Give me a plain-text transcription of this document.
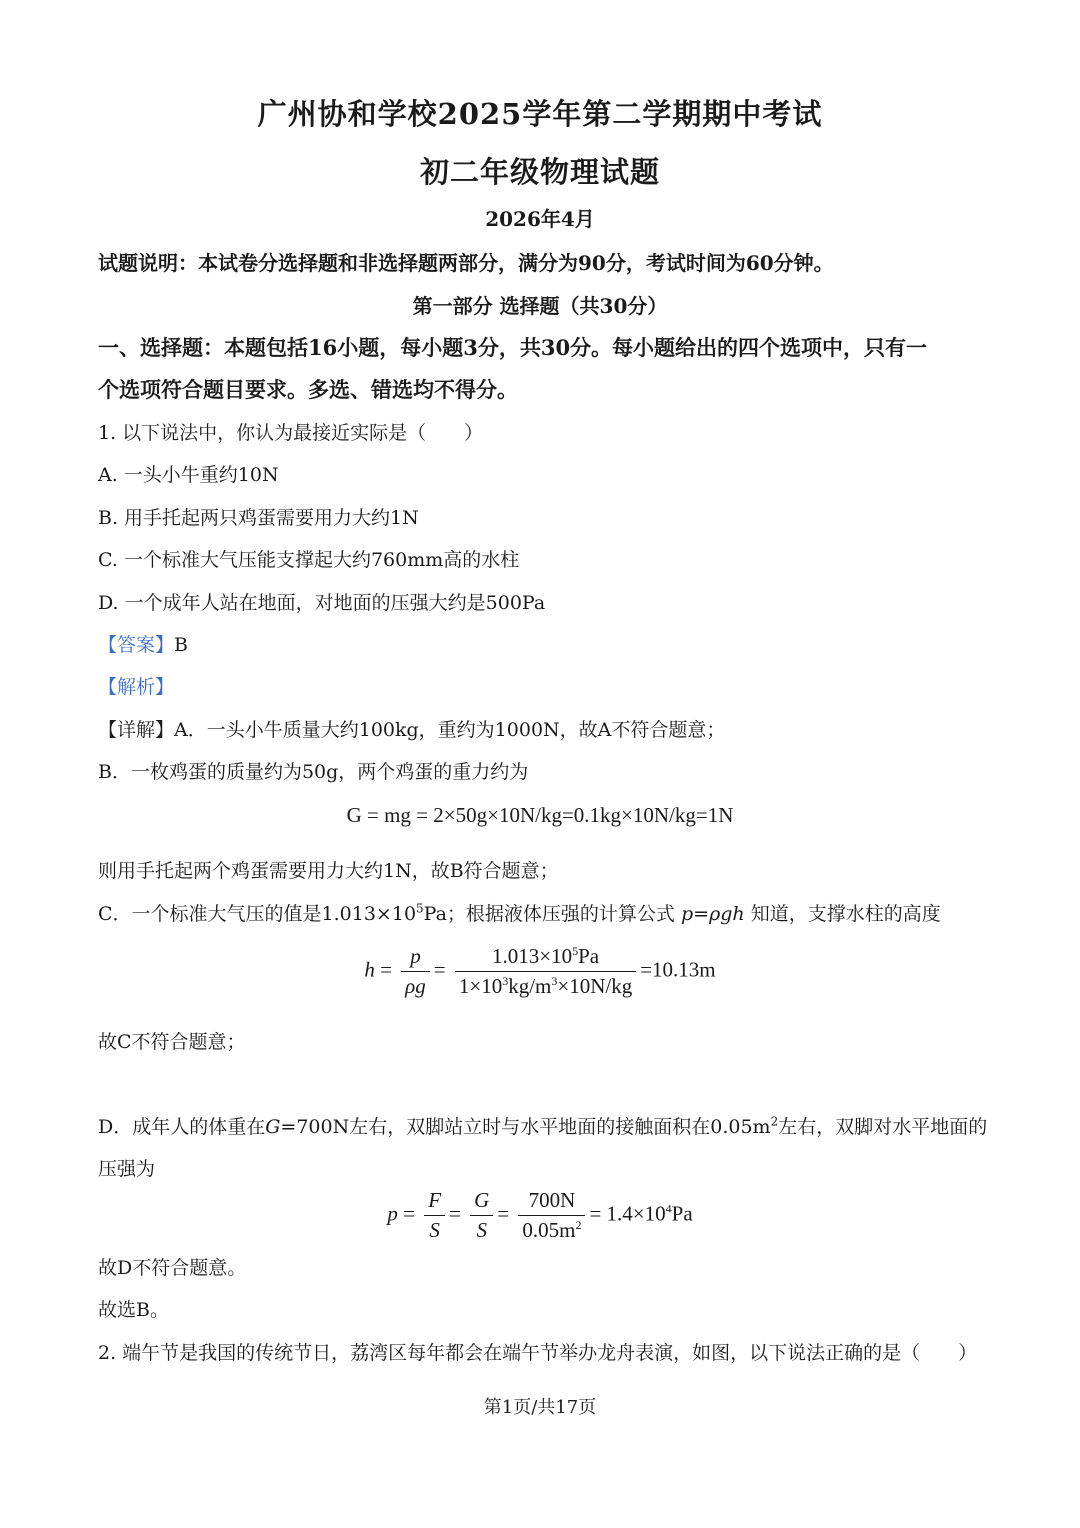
广州协和学校2025学年第二学期期中考试
初二年级物理试题
2026年4月
试题说明：本试卷分选择题和非选择题两部分，满分为90分，考试时间为60分钟。
第一部分 选择题（共30分）
一、选择题：本题包括16小题，每小题3分，共30分。每小题给出的四个选项中，只有一
个选项符合题目要求。多选、错选均不得分。
1. 以下说法中，你认为最接近实际是（　　）
A. 一头小牛重约10N
B. 用手托起两只鸡蛋需要用力大约1N
C. 一个标准大气压能支撑起大约760mm高的水柱
D. 一个成年人站在地面，对地面的压强大约是500Pa
【答案】B
【解析】
【详解】A．一头小牛质量大约100kg，重约为1000N，故A不符合题意；
B．一枚鸡蛋的质量约为50g，两个鸡蛋的重力约为
G = mg = 2×50g×10N/kg=0.1kg×10N/kg=1N
则用手托起两个鸡蛋需要用力大约1N，故B符合题意；
C．一个标准大气压的值是$1.013\times 10^5Pa$；根据液体压强的计算公式 p=ρgh 知道，支撑水柱的高度
$h = \frac{p}{\rho g} = \frac{1.013\times 10^5Pa}{1\times 10^3kg/m^3\times 10N/kg} =10.13m$
故C不符合题意；
D．成年人的体重在G=700N左右，双脚站立时与水平地面的接触面积在$0.05m^2$左右，双脚对水平地面的
压强为
$p = \frac{F}{S} = \frac{G}{S} = \frac{700N}{0.05m^2} = 1.4\times 10^4Pa$
故D不符合题意。
故选B。
2. 端午节是我国的传统节日，荔湾区每年都会在端午节举办龙舟表演，如图，以下说法正确的是（　　）
第1页/共17页
